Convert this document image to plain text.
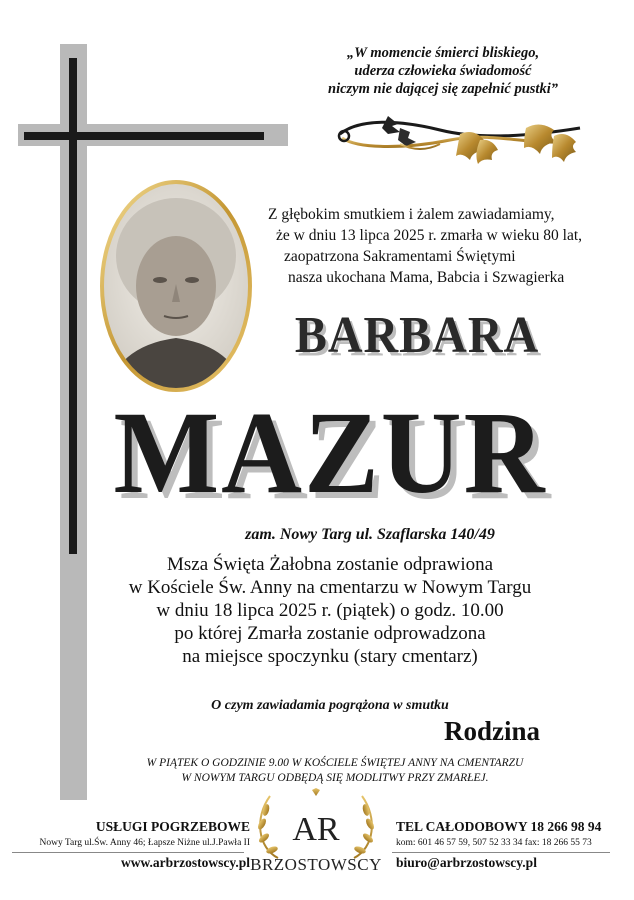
„W momencie śmierci bliskiego,
uderza człowieka świadomość
niczym nie dającej się zapełnić pustki”
Z głębokim smutkiem i żalem zawiadamiamy,
że w dniu 13 lipca 2025 r. zmarła w wieku 80 lat,
zaopatrzona Sakramentami Świętymi
nasza ukochana Mama, Babcia i Szwagierka
BARBARA
MAZUR
zam. Nowy Targ ul. Szaflarska 140/49
Msza Święta Żałobna zostanie odprawiona
w Kościele Św. Anny na cmentarzu w Nowym Targu
w dniu 18 lipca 2025 r. (piątek) o godz. 10.00
po której Zmarła zostanie odprowadzona
na miejsce spoczynku (stary cmentarz)
O czym zawiadamia pogrążona w smutku
Rodzina
W PIĄTEK O GODZINIE 9.00 W KOŚCIELE ŚWIĘTEJ ANNY NA CMENTARZU
W NOWYM TARGU ODBĘDĄ SIĘ MODLITWY PRZY ZMARŁEJ.
USŁUGI POGRZEBOWE
Nowy Targ ul.Św. Anny 46; Łapsze Niżne ul.J.Pawła II
www.arbrzostowscy.pl
TEL CAŁODOBOWY 18 266 98 94
kom: 601 46 57 59, 507 52 33 34 fax: 18 266 55 73
biuro@arbrzostowscy.pl
AR
BRZOSTOWSCY
